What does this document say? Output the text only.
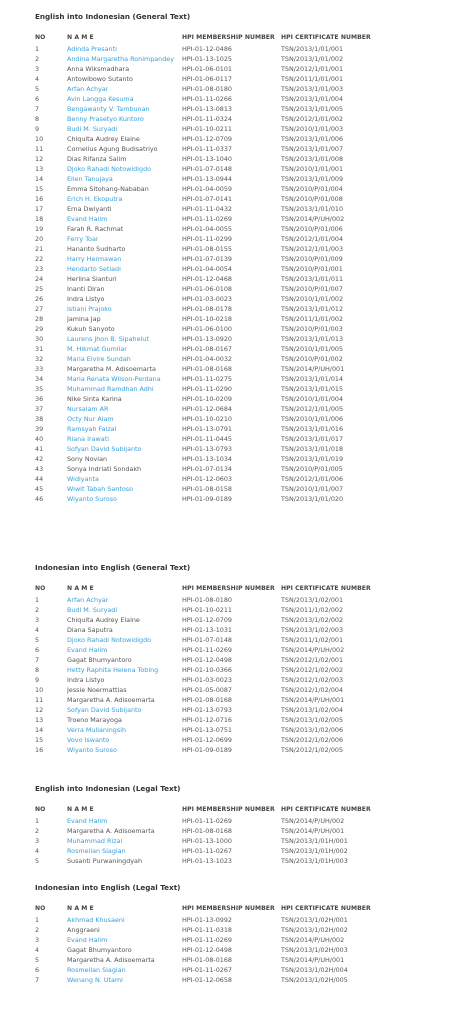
English into Indonesian (General Text)
NO	N A M E	HPI MEMBERSHIP NUMBER HPI CERTIFICATE NUMBER
1	Adinda Presanti	HPI-01-12-0486	TSN/2013/1/01/001
2	Andina Margaretha Ronimpandey HPI-01-13-1025	TSN/2013/1/01/002
3	Anna Wiksmadhara	HPI-01-06-0101	TSN/2012/1/01/001
4	Antowibowo Sutanto	HPI-01-06-0117	TSN/2011/1/01/001
5	Arfan Achyar	HPI-01-08-0180	TSN/2013/1/01/003
6	Avin Langga Kesuma	HPI-01-11-0266	TSN/2013/1/01/004
7	Bengawanty V. Tambunan	HPI-01-13-0813	TSN/2013/1/01/005
8	Benny Prasetyo Kuntoro	HPI-01-11-0324	TSN/2012/1/01/002
9	Budi M. Suryadi	HPI-01-10-0211	TSN/2010/1/01/003
10	Chiquita Audrey Elaine	HPI-01-12-0709	TSN/2013/1/01/006
11	Cornelius Agung Budisatriyo	HPI-01-11-0337	TSN/2013/1/01/007
12	Dias Rifanza Salim	HPI-01-13-1040	TSN/2013/1/01/008
13	Djoko Rahadi Notowidigdo	HPI-01-07-0148	TSN/2010/1/01/001
14	Ellen Tanujaya	HPI-01-13-0944	TSN/2013/1/01/009
15	Emma Sitohang-Nababan	HPI-01-04-0059	TSN/2010/P/01/004
16	Erich H. Ekoputra	HPI-01-07-0141	TSN/2010/P/01/008
17	Erna Dwiyanti	HPI-01-11-0432	TSN/2013/1/01/010
18	Evand Halim	HPI-01-11-0269	TSN/2014/P/UH/002
19	Farah R. Rachmat	HPI-01-04-0055	TSN/2010/P/01/006
20	Ferry Toar	HPI-01-11-0299	TSN/2012/1/01/004
21	Hananto Sudharto	HPI-01-08-0155	TSN/2012/1/01/003
22	Harry Hermawan	HPI-01-07-0139	TSN/2010/P/01/009
23	Hendarto Setiadi	HPI-01-04-0054	TSN/2010/P/01/001
24	Herlina Sianturi	HPI-01-12-0468	TSN/2013/1/01/011
25	Inanti Diran	HPI-01-06-0108	TSN/2010/P/01/007
26	Indra Listyo	HPI-01-03-0023	TSN/2010/1/01/002
27	Istiani Prajoko	HPI-01-08-0178	TSN/2013/1/01/012
28	Jamina Jap	HPI-01-10-0218	TSN/2011/1/01/002
29	Kukuh Sanyoto	HPI-01-06-0100	TSN/2010/P/01/003
30	Laurens Jhon B. Sipahelut	HPI-01-13-0920	TSN/2013/1/01/013
31	M. Hikmat Gumilar	HPI-01-08-0167	TSN/2010/1/01/005
32	Maria Elvire Sundah	HPI-01-04-0032	TSN/2010/P/01/002
33	Margaretha M. Adisoemarta	HPI-01-08-0168	TSN/2014/P/UH/001
34	Maria Renata Wilson-Perdana	HPI-01-11-0275	TSN/2013/1/01/014
35	Muhammad Ramdhan Adhi	HPI-01-11-0290	TSN/2013/1/01/015
36	Nike Sinta Karina	HPI-01-10-0209	TSN/2010/1/01/004
37	Nursalam AR	HPI-01-12-0684	TSN/2012/1/01/005
38	Octy Nur Alam	HPI-01-10-0210	TSN/2010/1/01/006
39	Ramsyah Faizal	HPI-01-13-0791	TSN/2013/1/01/016
40	Riana Irawati	HPI-01-11-0445	TSN/2013/1/01/017
41	Sofyan David Subijanto	HPI-01-13-0793	TSN/2013/1/01/018
42	Sony Novian	HPI-01-13-1034	TSN/2013/1/01/019
43	Sonya Indriati Sondakh	HPI-01-07-0134	TSN/2010/P/01/005
44	Widiyanta	HPI-01-12-0603	TSN/2012/1/01/006
45	Wiwit Tabah Santoso	HPI-01-08-0158	TSN/2010/1/01/007
46	Wiyanto Suroso	HPI-01-09-0189	TSN/2013/1/01/020
Indonesian into English (General Text)
NO	N A M E	HPI MEMBERSHIP NUMBER HPI CERTIFICATE NUMBER
1	Arfan Achyar	HPI-01-08-0180	TSN/2013/1/02/001
2	Budi M. Suryadi	HPI-01-10-0211	TSN/2011/1/02/002
3	Chiquita Audrey Elaine	HPI-01-12-0709	TSN/2013/1/02/002
4	Diana Saputra	HPI-01-13-1031	TSN/2013/1/02/003
5	Djoko Rahadi Notowidigdo	HPI-01-07-0148	TSN/2011/1/02/001
6	Evand Halim	HPI-01-11-0269	TSN/2014/P/UH/002
7	Gagat Bhumyantoro	HPI-01-12-0498	TSN/2012/1/02/001
8	Hetty Raphita Helena Tobing	HPI-01-10-0366	TSN/2012/1/02/002
9	Indra Listyo	HPI-01-03-0023	TSN/2012/1/02/003
10	Jessie Noermattias	HPI-01-05-0087	TSN/2012/1/02/004
11	Margaretha A. Adisoemarta	HPI-01-08-0168	TSN/2014/P/UH/001
12	Sofyan David Subijanto	HPI-01-13-0793	TSN/2013/1/02/004
13	Troeno Marayoga	HPI-01-12-0716	TSN/2013/1/02/005
14	Verra Mulianingsih	HPI-01-13-0751	TSN/2013/1/02/006
15	Vovo Iswanto	HPI-01-12-0699	TSN/2012/1/02/006
16	Wiyanto Suroso	HPI-01-09-0189	TSN/2012/1/02/005
English into Indonesian (Legal Text)
NO	N A M E	HPI MEMBERSHIP NUMBER HPI CERTIFICATE NUMBER
1	Evand Halim	HPI-01-11-0269	TSN/2014/P/UH/002
2	Margaretha A. Adisoemarta	HPI-01-08-0168	TSN/2014/P/UH/001
3	Muhammad Rizal	HPI-01-13-1000	TSN/2013/1/01H/001
4	Rosmeilan Siagian	HPI-01-11-0267	TSN/2013/1/01H/002
5	Susanti Purwaningdyah	HPI-01-13-1023	TSN/2013/1/01H/003
Indonesian into English (Legal Text)
NO	N A M E	HPI MEMBERSHIP NUMBER HPI CERTIFICATE NUMBER
1	Akhmad Khusaeni	HPI-01-13-0992	TSN/2013/1/02H/001
2	Anggraeni	HPI-01-11-0318	TSN/2013/1/02H/002
3	Evand Halim	HPI-01-11-0269	TSN/2014/P/UH/002
4	Gagat Bhumyantoro	HPI-01-12-0498	TSN/2013/1/02H/003
5	Margaretha A. Adisoemarta	HPI-01-08-0168	TSN/2014/P/UH/001
6	Rosmeilan Siagian	HPI-01-11-0267	TSN/2013/1/02H/004
7	Wenang N. Utami	HPI-01-12-0658	TSN/2013/1/02H/005
